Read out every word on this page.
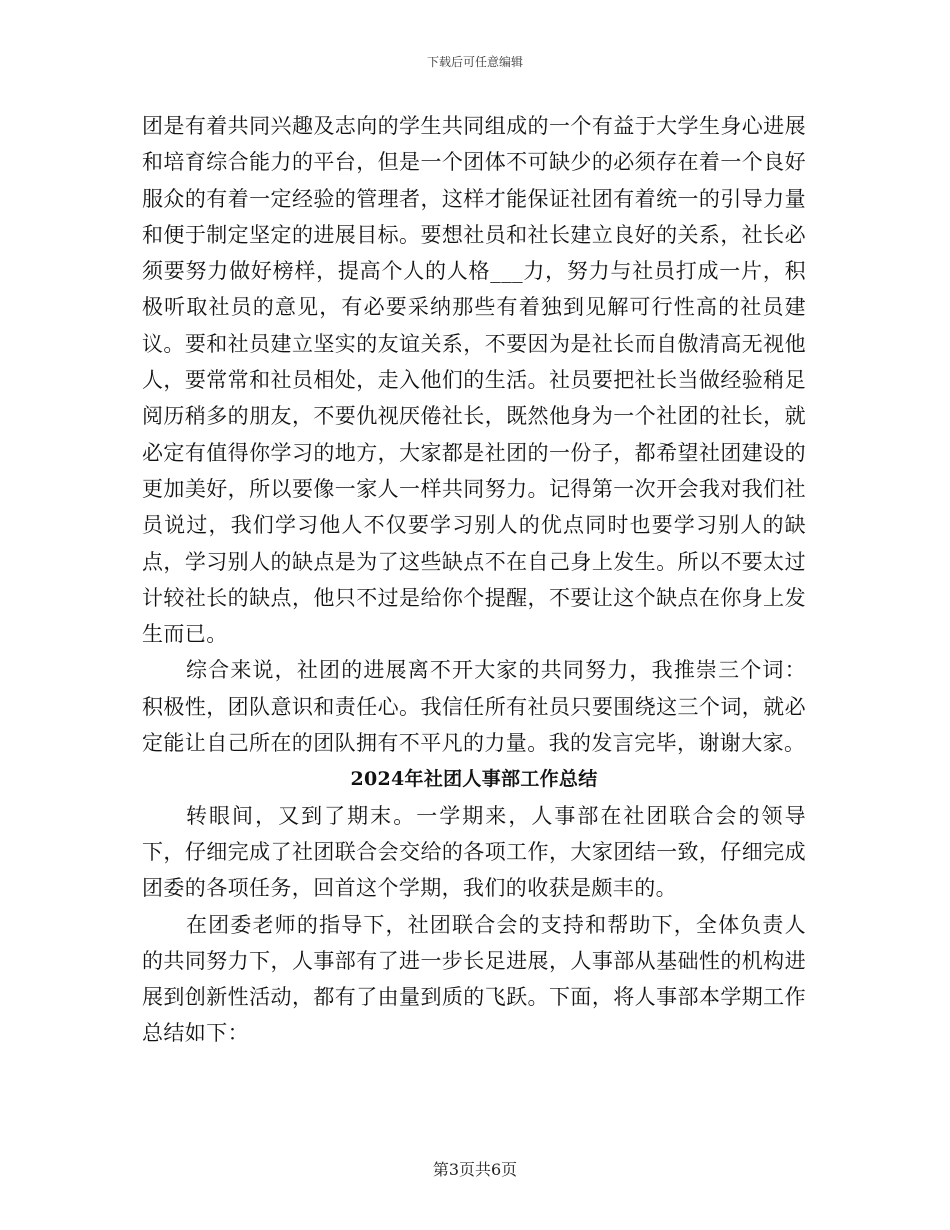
下载后可任意编辑

团是有着共同兴趣及志向的学生共同组成的一个有益于大学生身心进展和培育综合能力的平台，但是一个团体不可缺少的必须存在着一个良好服众的有着一定经验的管理者，这样才能保证社团有着统一的引导力量和便于制定坚定的进展目标。要想社员和社长建立良好的关系，社长必须要努力做好榜样，提高个人的人格___力，努力与社员打成一片，积极听取社员的意见，有必要采纳那些有着独到见解可行性高的社员建议。要和社员建立坚实的友谊关系，不要因为是社长而自傲清高无视他人，要常常和社员相处，走入他们的生活。社员要把社长当做经验稍足阅历稍多的朋友，不要仇视厌倦社长，既然他身为一个社团的社长，就必定有值得你学习的地方，大家都是社团的一份子，都希望社团建设的更加美好，所以要像一家人一样共同努力。记得第一次开会我对我们社员说过，我们学习他人不仅要学习别人的优点同时也要学习别人的缺点，学习别人的缺点是为了这些缺点不在自己身上发生。所以不要太过计较社长的缺点，他只不过是给你个提醒，不要让这个缺点在你身上发生而已。

综合来说，社团的进展离不开大家的共同努力，我推崇三个词：积极性，团队意识和责任心。我信任所有社员只要围绕这三个词，就必定能让自己所在的团队拥有不平凡的力量。我的发言完毕，谢谢大家。

2024年社团人事部工作总结

转眼间，又到了期末。一学期来，人事部在社团联合会的领导下，仔细完成了社团联合会交给的各项工作，大家团结一致，仔细完成团委的各项任务，回首这个学期，我们的收获是颇丰的。

在团委老师的指导下，社团联合会的支持和帮助下，全体负责人的共同努力下，人事部有了进一步长足进展，人事部从基础性的机构进展到创新性活动，都有了由量到质的飞跃。下面，将人事部本学期工作总结如下：

第3页共6页
